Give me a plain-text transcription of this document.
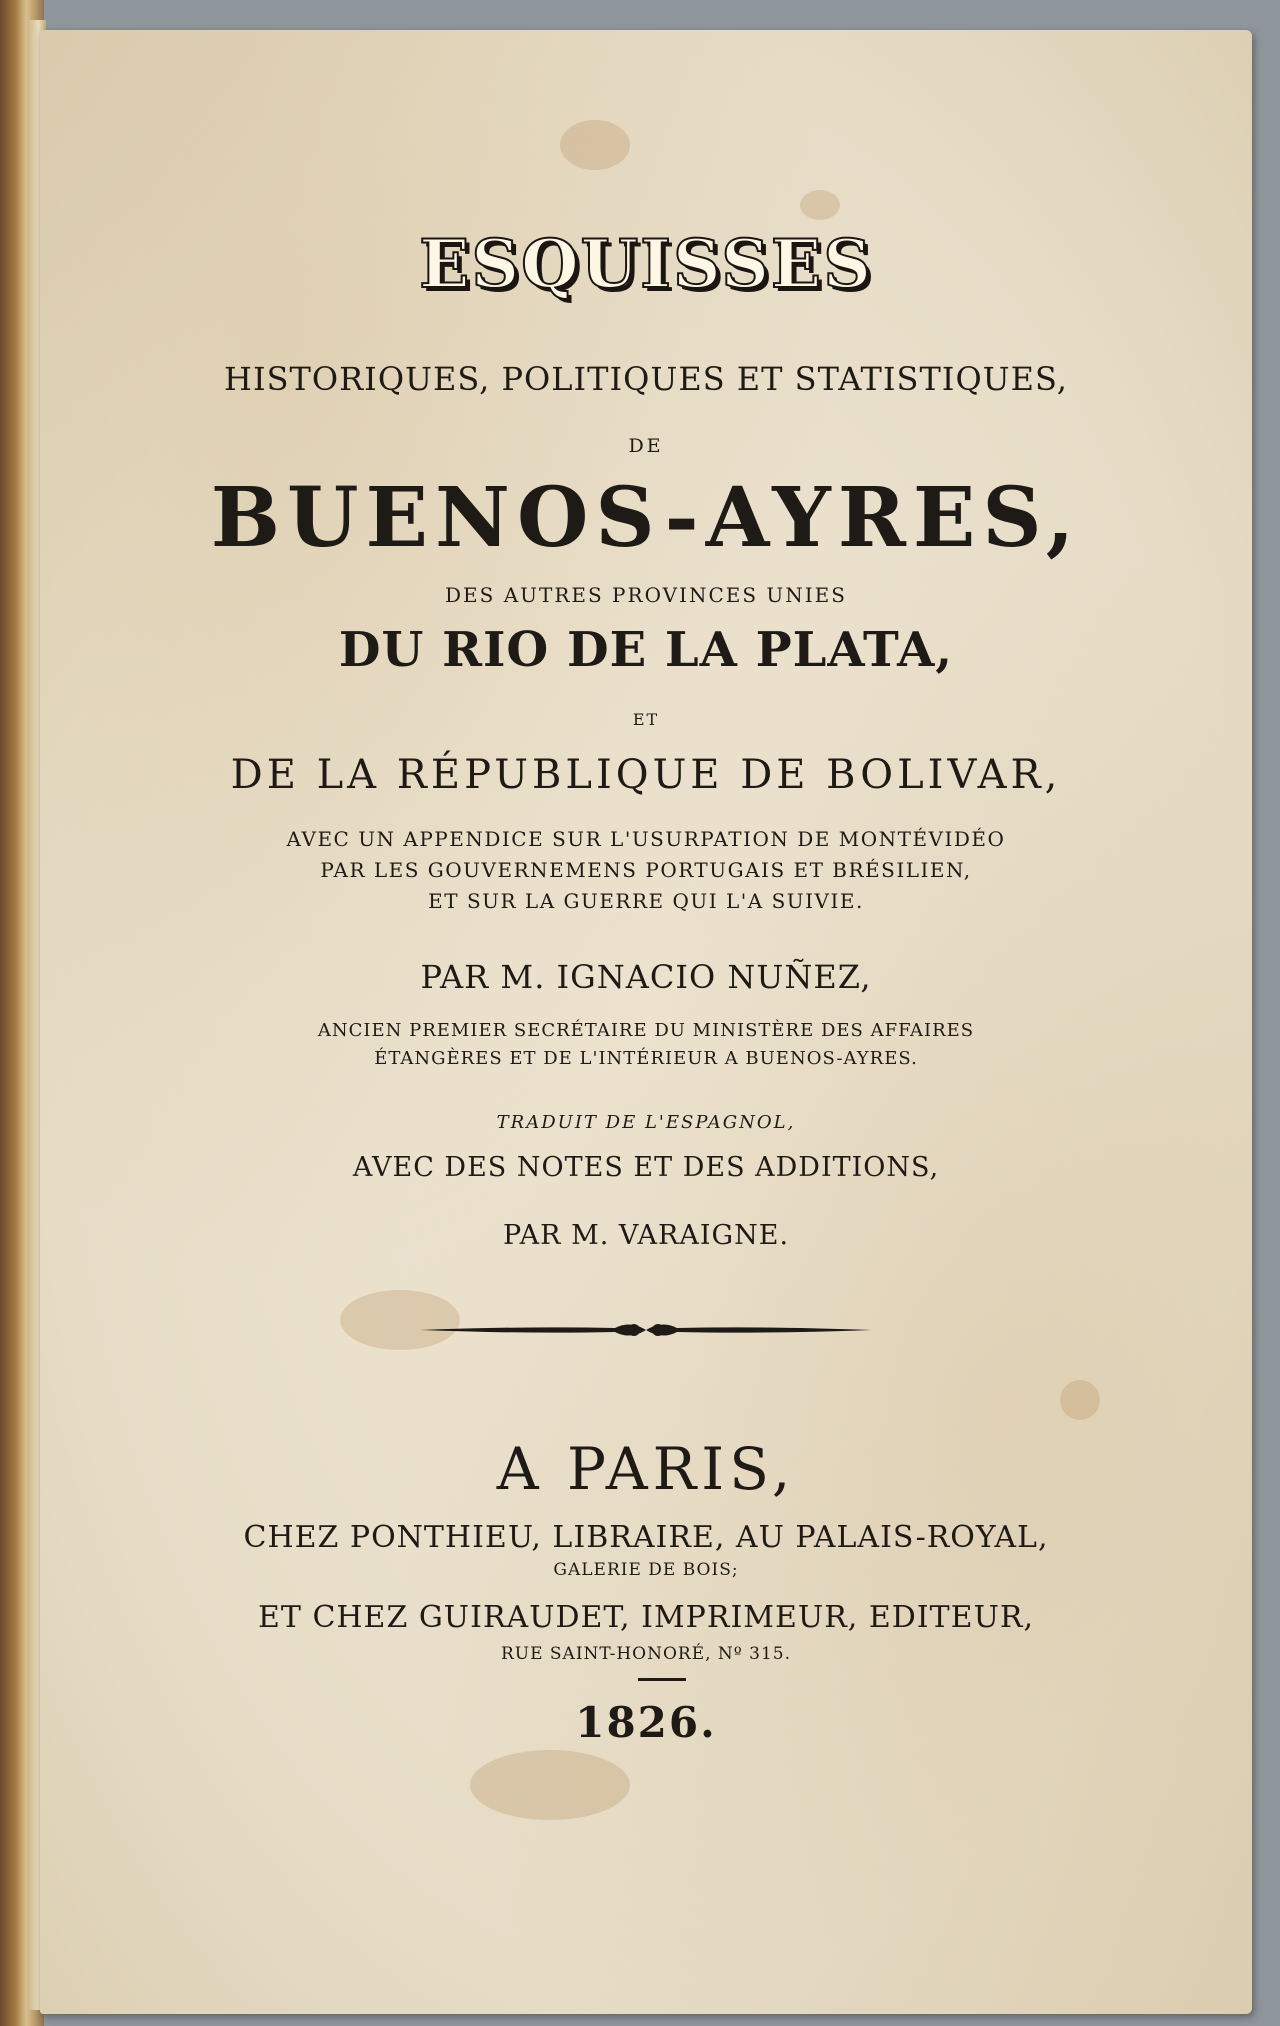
ESQUISSES
HISTORIQUES, POLITIQUES ET STATISTIQUES,
DE
BUENOS-AYRES,
DES AUTRES PROVINCES UNIES
DU RIO DE LA PLATA,
ET
DE LA RÉPUBLIQUE DE BOLIVAR,
AVEC UN APPENDICE SUR L'USURPATION DE MONTÉVIDÉO
PAR LES GOUVERNEMENS PORTUGAIS ET BRÉSILIEN,
ET SUR LA GUERRE QUI L'A SUIVIE.
PAR M. IGNACIO NUÑEZ,
ANCIEN PREMIER SECRÉTAIRE DU MINISTÈRE DES AFFAIRES
ÉTANGÈRES ET DE L'INTÉRIEUR A BUENOS-AYRES.
TRADUIT DE L'ESPAGNOL,
AVEC DES NOTES ET DES ADDITIONS,
PAR M. VARAIGNE.
A PARIS,
CHEZ PONTHIEU, LIBRAIRE, AU PALAIS-ROYAL,
GALERIE DE BOIS;
ET CHEZ GUIRAUDET, IMPRIMEUR, EDITEUR,
RUE SAINT-HONORÉ, Nº 315.
1826.
